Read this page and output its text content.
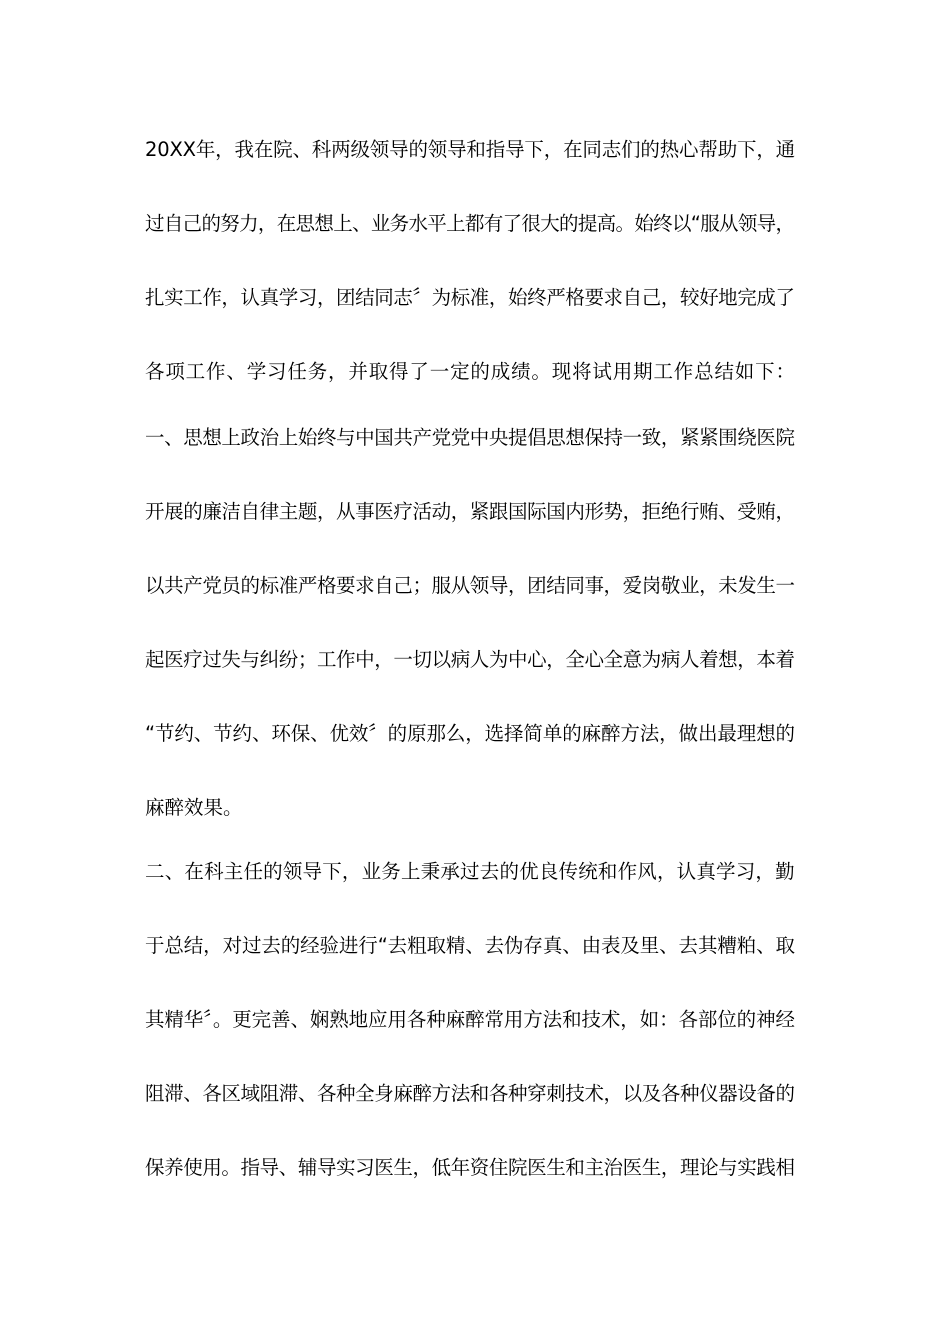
20XX年，我在院、科两级领导的领导和指导下，在同志们的热心帮助下，通
过自己的努力，在思想上、业务水平上都有了很大的提高。始终以“服从领导，
扎实工作，认真学习，团结同志〞为标准，始终严格要求自己，较好地完成了
各项工作、学习任务，并取得了一定的成绩。现将试用期工作总结如下：
一、思想上政治上始终与中国共产党党中央提倡思想保持一致，紧紧围绕医院
开展的廉洁自律主题，从事医疗活动，紧跟国际国内形势，拒绝行贿、受贿，
以共产党员的标准严格要求自己；服从领导，团结同事，爱岗敬业，未发生一
起医疗过失与纠纷；工作中，一切以病人为中心，全心全意为病人着想，本着
“节约、节约、环保、优效〞的原那么，选择简单的麻醉方法，做出最理想的
麻醉效果。
二、在科主任的领导下，业务上秉承过去的优良传统和作风，认真学习，勤
于总结，对过去的经验进行“去粗取精、去伪存真、由表及里、去其糟粕、取
其精华〞。更完善、娴熟地应用各种麻醉常用方法和技术，如：各部位的神经
阻滞、各区域阻滞、各种全身麻醉方法和各种穿刺技术，以及各种仪器设备的
保养使用。指导、辅导实习医生，低年资住院医生和主治医生，理论与实践相
